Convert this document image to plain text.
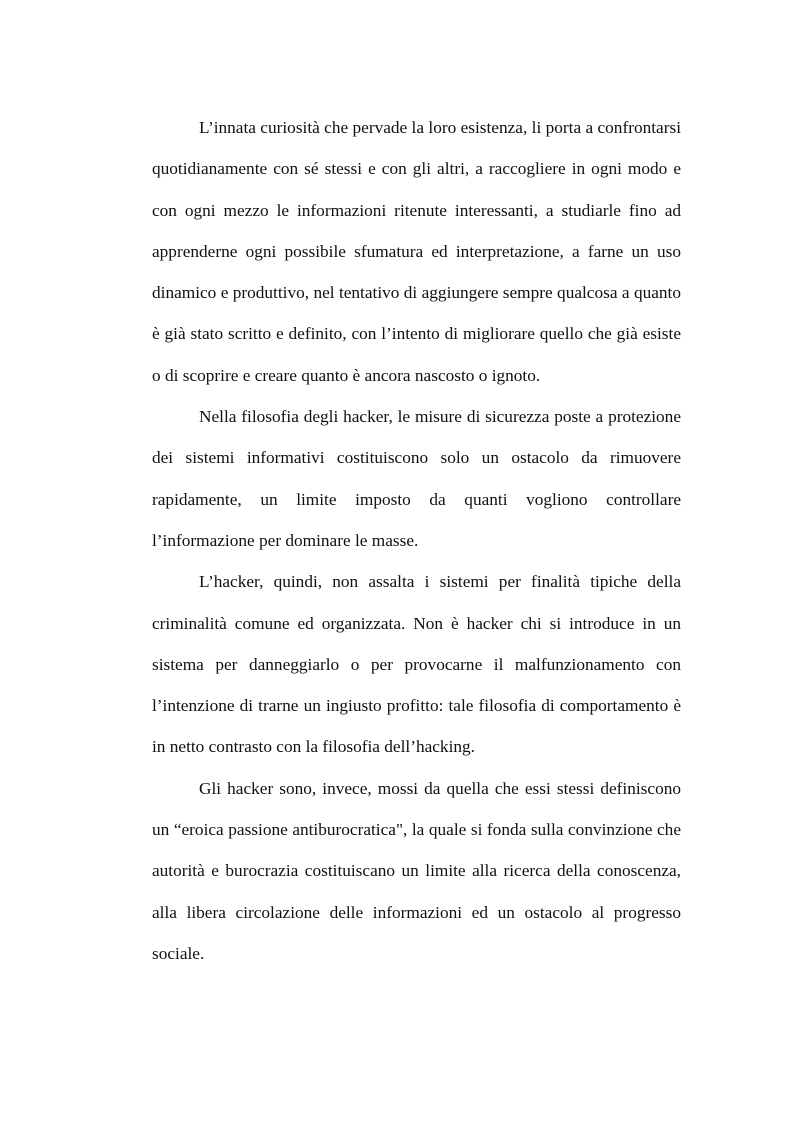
L’innata curiosità che pervade la loro esistenza, li porta a confrontarsi quotidianamente con sé stessi e con gli altri, a raccogliere in ogni modo e con ogni mezzo le informazioni ritenute interessanti, a studiarle fino ad apprenderne ogni possibile sfumatura ed interpretazione, a farne un uso dinamico e produttivo, nel tentativo di aggiungere sempre qualcosa a quanto è già stato scritto e definito, con l’intento di migliorare quello che già esiste o di scoprire e creare quanto è ancora nascosto o ignoto.

Nella filosofia degli hacker, le misure di sicurezza poste a protezione dei sistemi informativi costituiscono solo un ostacolo da rimuovere rapidamente, un limite imposto da quanti vogliono controllare l’informazione per dominare le masse.

L’hacker, quindi, non assalta i sistemi per finalità tipiche della criminalità comune ed organizzata. Non è hacker chi si introduce in un sistema per danneggiarlo o per provocarne il malfunzionamento con l’intenzione di trarne un ingiusto profitto: tale filosofia di comportamento è in netto contrasto con la filosofia dell’hacking.

Gli hacker sono, invece, mossi da quella che essi stessi definiscono un “eroica passione antiburocratica", la quale si fonda sulla convinzione che autorità e burocrazia costituiscano un limite alla ricerca della conoscenza, alla libera circolazione delle informazioni ed un ostacolo al progresso sociale.
